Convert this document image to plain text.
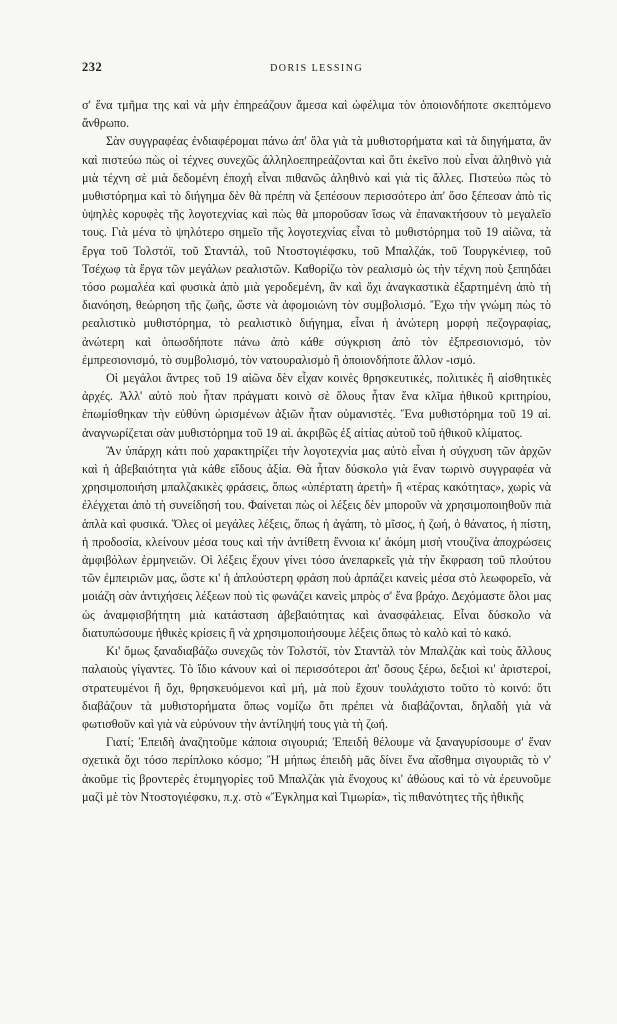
232	DORIS LESSING

σ' ἕνα τμῆμα της καὶ νὰ μὴν ἐπηρεάζουν ἄμεσα καὶ ὠφέλιμα τὸν ὁποιονδήποτε σκεπτόμενο ἄνθρωπο.

Σὰν συγγραφέας ἐνδιαφέρομαι πάνω ἀπ' ὅλα γιὰ τὰ μυθιστορήματα καὶ τὰ διηγήματα, ἂν καὶ πιστεύω πὼς οἱ τέχνες συνεχῶς ἀλληλοεπηρεάζονται καὶ ὅτι ἐκεῖνο ποὺ εἶναι ἀληθινὸ γιὰ μιὰ τέχνη σὲ μιὰ δεδομένη ἐποχὴ εἶναι πιθανῶς ἀληθινὸ καὶ γιὰ τὶς ἄλλες. Πιστεύω πὼς τὸ μυθιστόρημα καὶ τὸ διήγημα δὲν θὰ πρέπη νὰ ξεπέσουν περισσότερο ἀπ' ὅσο ξέπεσαν ἀπὸ τὶς ὑψηλὲς κορυφὲς τῆς λογοτεχνίας καὶ πὼς θὰ μποροῦσαν ἴσως νὰ ἐπανακτήσουν τὸ μεγαλεῖο τους. Γιὰ μένα τὸ ψηλότερο σημεῖο τῆς λογοτεχνίας εἶναι τὸ μυθιστόρημα τοῦ 19 αἰῶνα, τὰ ἔργα τοῦ Τολστόϊ, τοῦ Σταντάλ, τοῦ Ντοστογιέφσκυ, τοῦ Μπαλζάκ, τοῦ Τουργκένιεφ, τοῦ Τσέχωφ τὰ ἔργα τῶν μεγάλων ρεαλιστῶν. Καθορίζω τὸν ρεαλισμὸ ὡς τὴν τέχνη ποὺ ξεπηδάει τόσο ρωμαλέα καὶ φυσικὰ ἀπὸ μιὰ γεροδεμένη, ἂν καὶ ὄχι ἀναγκαστικὰ ἐξαρτημένη ἀπὸ τὴ διανόηση, θεώρηση τῆς ζωῆς, ὥστε νὰ ἀφομοιώνη τὸν συμβολισμό. Ἔχω τὴν γνώμη πὼς τὸ ρεαλιστικὸ μυθιστόρημα, τὸ ρεαλιστικὸ διήγημα, εἶναι ἡ ἀνώτερη μορφὴ πεζογραφίας, ἀνώτερη καὶ ὁπωσδήποτε πάνω ἀπὸ κάθε σύγκριση ἀπὸ τὸν ἐξπρεσιονισμό, τὸν ἐμπρεσιονισμό, τὸ συμβολισμό, τὸν νατουραλισμὸ ἢ ὁποιονδήποτε ἄλλον -ισμό.

Οἱ μεγάλοι ἄντρες τοῦ 19 αἰῶνα δὲν εἶχαν κοινὲς θρησκευτικές, πολιτικὲς ἢ αἰσθητικὲς ἀρχές. Ἀλλ' αὐτὸ ποὺ ἦταν πράγματι κοινὸ σὲ ὅλους ἦταν ἕνα κλῖμα ἠθικοῦ κριτηρίου, ἐπωμίσθηκαν τὴν εὐθύνη ὡρισμένων ἀξιῶν ἦταν οὑμανιστές. Ἕνα μυθιστόρημα τοῦ 19 αἰ. ἀναγνωρίζεται σὰν μυθιστόρημα τοῦ 19 αἰ. ἀκριβῶς ἐξ αἰτίας αὐτοῦ τοῦ ἠθικοῦ κλίματος.

Ἂν ὑπάρχη κάτι ποὺ χαρακτηρίζει τὴν λογοτεχνία μας αὐτὸ εἶναι ἡ σύγχυση τῶν ἀρχῶν καὶ ἡ ἀβεβαιότητα γιὰ κάθε εἴδους ἀξία. Θὰ ἦταν δύσκολο γιὰ ἕναν τωρινὸ συγγραφέα νὰ χρησιμοποιήση μπαλζακικὲς φράσεις, ὅπως «ὑπέρτατη ἀρετὴ» ἢ «τέρας κακότητας», χωρὶς νὰ ἐλέγχεται ἀπὸ τὴ συνείδησή του. Φαίνεται πὼς οἱ λέξεις δὲν μποροῦν νὰ χρησιμοποιηθοῦν πιὰ ἁπλὰ καὶ φυσικά. Ὅλες οἱ μεγάλες λέξεις, ὅπως ἡ ἀγάπη, τὸ μῖσος, ἡ ζωή, ὁ θάνατος, ἡ πίστη, ἡ προδοσία, κλείνουν μέσα τους καὶ τὴν ἀντίθετη ἔννοια κι' ἀκόμη μισὴ ντουζίνα ἀποχρώσεις ἀμφιβόλων ἑρμηνειῶν. Οἱ λέξεις ἔχουν γίνει τόσο ἀνεπαρκεῖς γιὰ τὴν ἔκφραση τοῦ πλούτου τῶν ἐμπειριῶν μας, ὥστε κι' ἡ ἁπλούστερη φράση ποὺ ἁρπάζει κανεὶς μέσα στὸ λεωφορεῖο, νὰ μοιάζη σὰν ἀντιχήσεις λέξεων ποὺ τὶς φωνάζει κανεὶς μπρὸς σ' ἕνα βράχο. Δεχόμαστε ὅλοι μας ὡς ἀναμφισβήτητη μιὰ κατάσταση ἀβεβαιότητας καὶ ἀνασφάλειας. Εἶναι δύσκολο νὰ διατυπώσουμε ἠθικὲς κρίσεις ἢ νὰ χρησιμοποιήσουμε λέξεις ὅπως τὸ καλὸ καὶ τὸ κακό.

Κι' ὅμως ξαναδιαβάζω συνεχῶς τὸν Τολστόϊ, τὸν Σταντὰλ τὸν Μπαλζὰκ καὶ τοὺς ἄλλους παλαιοὺς γίγαντες. Τὸ ἴδιο κάνουν καὶ οἱ περισσότεροι ἀπ' ὅσους ξέρω, δεξιοὶ κι' ἀριστεροί, στρατευμένοι ἢ ὄχι, θρησκευόμενοι καὶ μή, μὰ ποὺ ἔχουν τουλάχιστο τοῦτο τὸ κοινό: ὅτι διαβάζουν τὰ μυθιστορήματα ὅπως νομίζω ὅτι πρέπει νὰ διαβάζονται, δηλαδὴ γιὰ νὰ φωτισθοῦν καὶ γιὰ νὰ εὐρύνουν τὴν ἀντίληψή τους γιὰ τὴ ζωή.

Γιατί; Ἐπειδὴ ἀναζητοῦμε κάποια σιγουριά; Ἐπειδὴ θέλουμε νὰ ξαναγυρίσουμε σ' ἕναν σχετικὰ ὄχι τόσο περίπλοκο κόσμο; Ἢ μήπως ἐπειδὴ μᾶς δίνει ἕνα αἴσθημα σιγουριᾶς τὸ ν' ἀκοῦμε τὶς βροντερὲς ἐτυμηγορίες τοῦ Μπαλζὰκ γιὰ ἔνοχους κι' ἀθώους καὶ τὸ νὰ ἐρευνοῦμε μαζὶ μὲ τὸν Ντοστογιέφσκυ, π.χ. στὸ «Ἔγκλημα καὶ Τιμωρία», τὶς πιθανότητες τῆς ἠθικῆς
